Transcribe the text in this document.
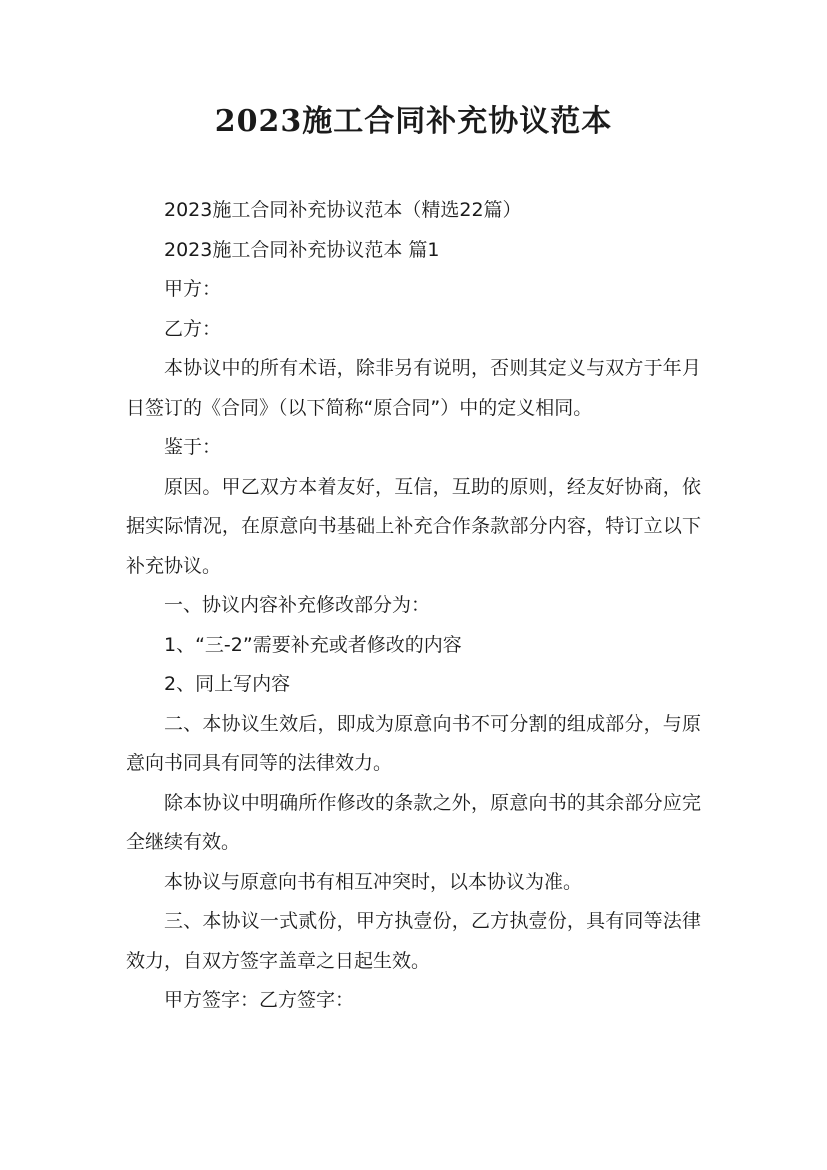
2023施工合同补充协议范本

2023施工合同补充协议范本（精选22篇）

2023施工合同补充协议范本 篇1

甲方：

乙方：

本协议中的所有术语，除非另有说明，否则其定义与双方于年月日签订的《合同》（以下简称“原合同”）中的定义相同。

鉴于：

原因。甲乙双方本着友好，互信，互助的原则，经友好协商，依据实际情况，在原意向书基础上补充合作条款部分内容，特订立以下补充协议。

一、协议内容补充修改部分为：

1、“三-2”需要补充或者修改的内容

2、同上写内容

二、本协议生效后，即成为原意向书不可分割的组成部分，与原意向书同具有同等的法律效力。

除本协议中明确所作修改的条款之外，原意向书的其余部分应完全继续有效。

本协议与原意向书有相互冲突时，以本协议为准。

三、本协议一式贰份，甲方执壹份，乙方执壹份，具有同等法律效力，自双方签字盖章之日起生效。

甲方签字：乙方签字：
